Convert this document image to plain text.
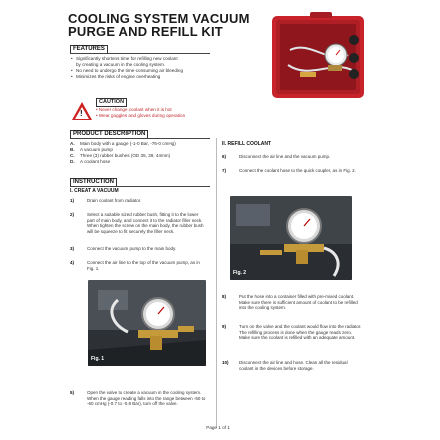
COOLING SYSTEM VACUUM
PURGE AND REFILL KIT
FEATURES
• Significantly shortens time for refilling new coolant
by creating a vacuum in the cooling system.
• No need to undergo the time-consuming air bleeding
• Minimizes the risks of engine overheating
!
CAUTION
• Never change coolant when it is hot
• Wear goggles and gloves during operation
PRODUCT DESCRIPTION
A. Main body with a gauge (-1-0 Bar, -76-0 cmHg)
B. A vacuum pump
C. Three (3) rubber bushes (OD 35, 39, 44mm)
D. A coolant hose
INSTRUCTION
I. CREAT A VACUUM
1)	Drain coolant from radiator.
2)	Select a suitable sized rubber bush, fitting it to the lower part of main body, and connect it to the radiator filler neck. When tighten the screw on the main body, the rubber bush will be squeeze to fit securely the filler neck.
3)	Connect the vacuum pump to the main body.
4)	Connect the air line to the top of the vacuum pump, as in Fig. 1.
Fig. 1
5)	Open the valve to create a vacuum in the cooling system. When the gauge reading falls into the range between -50 to -60 cmHg (-0.7 to -0.8 Bar), turn off the valve.
II. REFILL COOLANT
6)	Disconnect the air line and the vacuum pump.
7)	Connect the coolant hose to the quick coupler, as in Fig. 2.
Fig. 2
8)	Put the hose into a container filled with pre-mixed coolant. Make sure there is sufficient amount of coolant to be refilled into the cooling system.
9)	Turn on the valve and the coolant would flow into the radiator. The refilling process is done when the gauge reads zero. Make sure the coolant is refilled with an adequate amount.
10) Disconnect the air line and hose. Clean all the residual coolant in the devices before storage.
Page 1 of 1
